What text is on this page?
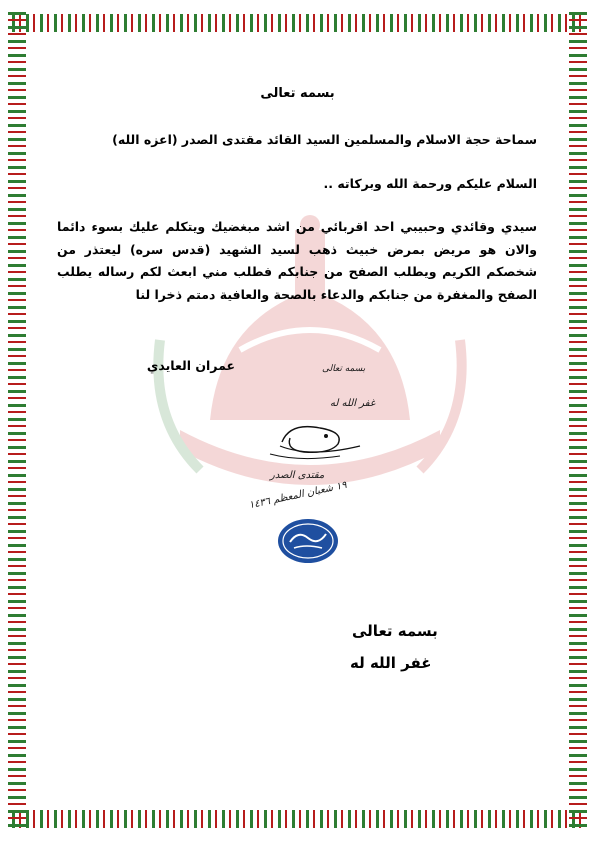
بسمه تعالى
سماحة حجة الاسلام والمسلمين السيد القائد مقتدى الصدر (اعزه الله)
السلام عليكم ورحمة الله وبركاته ..
سيدي وقائدي وحبيبي احد اقربائي من اشد مبغضيك ويتكلم عليك بسوء دائما والان هو مريض بمرض خبيث ذهب لسيد الشهيد (قدس سره) ليعتذر من شخصكم الكريم ويطلب الصفح من جنابكم فطلب مني ابعث لكم رساله يطلب الصفح والمغفرة من جنابكم والدعاء بالصحة والعافية دمتم ذخرا لنا
عمران العايدي	بسمه تعالى
غفر الله له
مقتدى الصدر
١٩ شعبان المعظم ١٤٣٦
بسمه تعالى
غفر الله له
